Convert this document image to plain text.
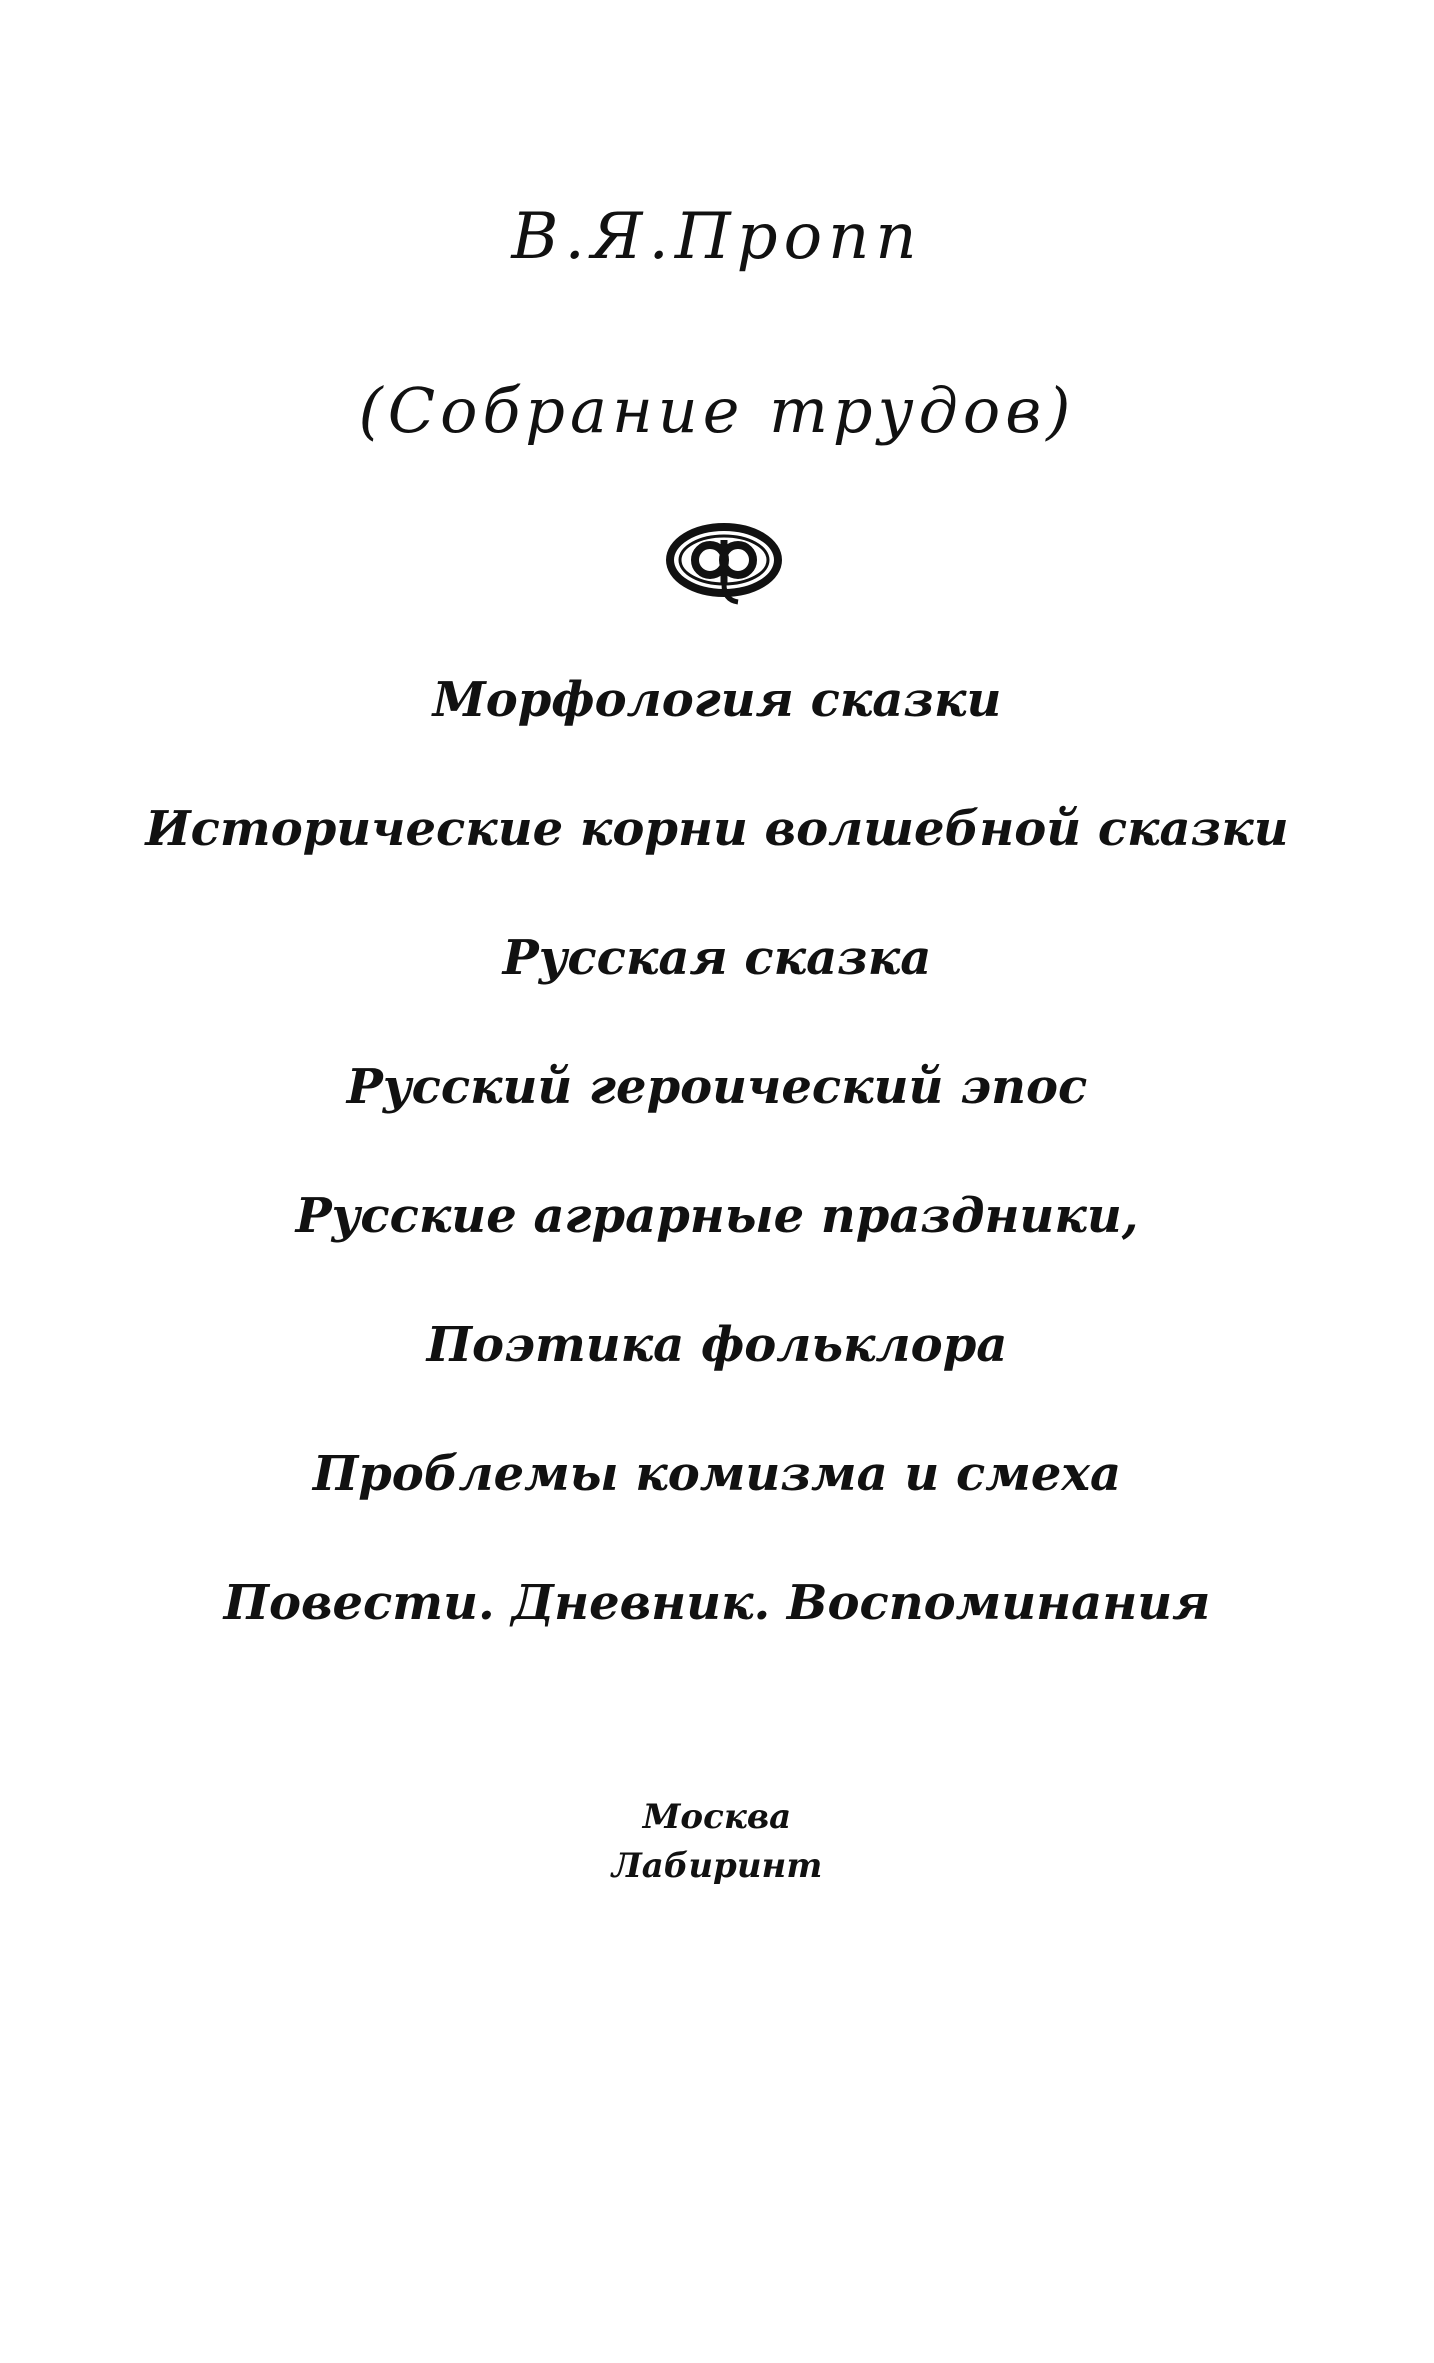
В.Я.Пропп
(Собрание трудов)
Морфология сказки
Исторические корни волшебной сказки
Русская сказка
Русский героический эпос
Русские аграрные праздники,
Поэтика фольклора
Проблемы комизма и смеха
Повести. Дневник. Воспоминания
Москва
Лабиринт
